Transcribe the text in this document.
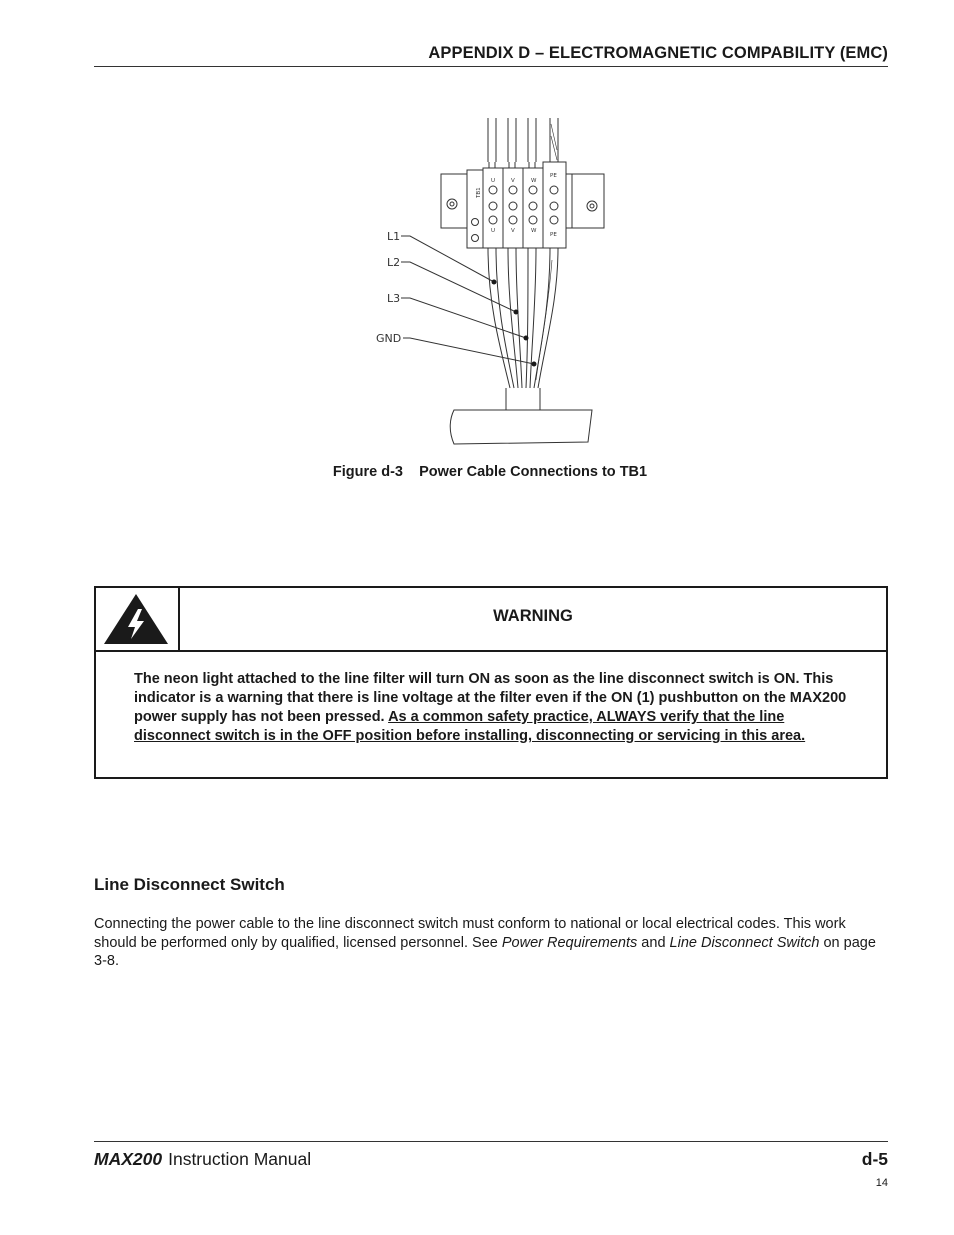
APPENDIX D – ELECTROMAGNETIC COMPABILITY (EMC)
L1
L2
L3
GND
TB1
U	V	W
PE
U	V	W
PE
Figure d-3    Power Cable Connections to TB1
WARNING
The neon light attached to the line filter will turn ON as soon as the line disconnect switch is ON. This indicator is a warning that there is line voltage at the filter even if the ON (1) pushbutton on the MAX200 power supply has not been pressed. As a common safety practice, ALWAYS verify that the line disconnect switch is in the OFF position before installing, disconnecting or servicing in this area.
Line Disconnect Switch
Connecting the power cable to the line disconnect switch must conform to national or local electrical codes. This work should be performed only by qualified, licensed personnel. See Power Requirements and Line Disconnect Switch on page 3-8.
MAX200 Instruction Manual	d-5
14
